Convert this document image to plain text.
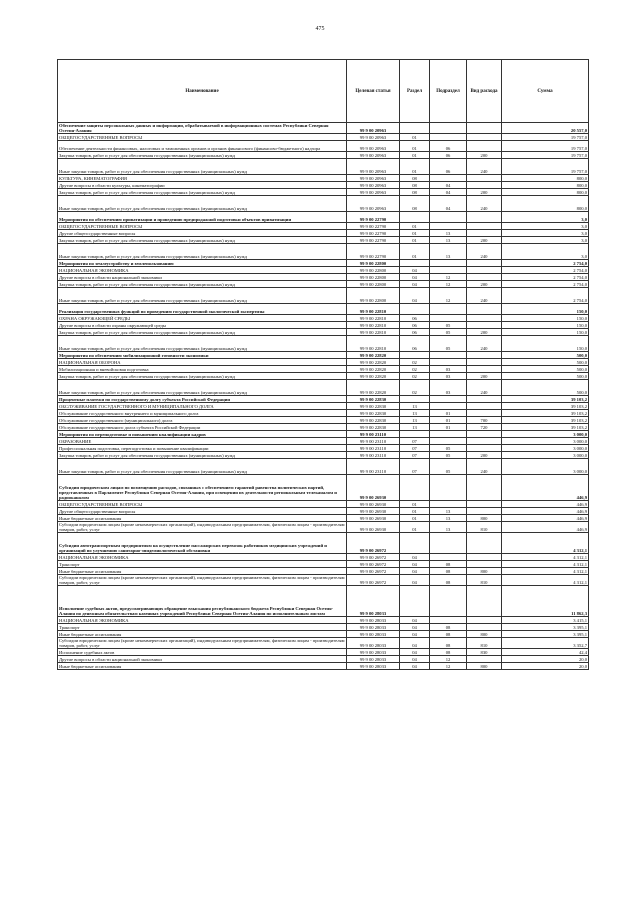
475
Наименование	Целевая статья	Раздел	Подраздел	Вид расхода	Сумма
Обеспечение защиты персональных данных и информации, обрабатываемой в информационных системах Республики Северная Осетия-Алания	99 9 00 20963				20 557,0
ОБЩЕГОСУДАРСТВЕННЫЕ ВОПРОСЫ	99 9 00 20963	01			19 757,0
Обеспечение деятельности финансовых, налоговых и таможенных органов и органов финансового (финансово-бюджетного) надзора	99 9 00 20963	01	06		19 757,0
Закупка товаров, работ и услуг для обеспечения государственных (муниципальных) нужд	99 9 00 20963	01	06	200	19 757,0
Иные закупки товаров, работ и услуг для обеспечения государственных (муниципальных) нужд	99 9 00 20963	01	06	240	19 757,0
КУЛЬТУРА, КИНЕМАТОГРАФИЯ	99 9 00 20963	08			800,0
Другие вопросы в области культуры, кинематографии	99 9 00 20963	08	04		800,0
Закупка товаров, работ и услуг для обеспечения государственных (муниципальных) нужд	99 9 00 20963	08	04	200	800,0
Иные закупки товаров, работ и услуг для обеспечения государственных (муниципальных) нужд	99 9 00 20963	08	04	240	800,0
Мероприятия по обеспечению приватизации и проведению предпродажной подготовки объектов приватизации	99 9 00 22790				3,0
ОБЩЕГОСУДАРСТВЕННЫЕ ВОПРОСЫ	99 9 00 22790	01			3,0
Другие общегосударственные вопросы	99 9 00 22790	01	13		3,0
Закупка товаров, работ и услуг для обеспечения государственных (муниципальных) нужд	99 9 00 22790	01	13	200	3,0
Иные закупки товаров, работ и услуг для обеспечения государственных (муниципальных) нужд	99 9 00 22790	01	13	240	3,0
Мероприятия по землеустройству и землепользованию	99 9 00 22800				2 754,0
НАЦИОНАЛЬНАЯ ЭКОНОМИКА	99 9 00 22800	04			2 754,0
Другие вопросы в области национальной экономики	99 9 00 22800	04	12		2 754,0
Закупка товаров, работ и услуг для обеспечения государственных (муниципальных) нужд	99 9 00 22800	04	12	200	2 754,0
Иные закупки товаров, работ и услуг для обеспечения государственных (муниципальных) нужд	99 9 00 22800	04	12	240	2 754,0
Реализация государственных функций по проведению государственной экологической экспертизы	99 9 00 22810				150,0
ОХРАНА ОКРУЖАЮЩЕЙ СРЕДЫ	99 9 00 22810	06			150,0
Другие вопросы в области охраны окружающей среды	99 9 00 22810	06	05		150,0
Закупка товаров, работ и услуг для обеспечения государственных (муниципальных) нужд	99 9 00 22810	06	05	200	150,0
Иные закупки товаров, работ и услуг для обеспечения государственных (муниципальных) нужд	99 9 00 22810	06	05	240	150,0
Мероприятия по обеспечению мобилизационной готовности экономики	99 9 00 22820				500,0
НАЦИОНАЛЬНАЯ ОБОРОНА	99 9 00 22820	02			500,0
Мобилизационная и вневойсковая подготовка	99 9 00 22820	02	03		500,0
Закупка товаров, работ и услуг для обеспечения государственных (муниципальных) нужд	99 9 00 22820	02	03	200	500,0
Иные закупки товаров, работ и услуг для обеспечения государственных (муниципальных) нужд	99 9 00 22820	02	03	240	500,0
Процентные платежи по государственному долгу субъекта Российской Федерации	99 9 00 22830				39 103,2
ОБСЛУЖИВАНИЕ ГОСУДАРСТВЕННОГО И МУНИЦИПАЛЬНОГО ДОЛГА	99 9 00 22830	13			39 103,2
Обслуживание государственного внутреннего и муниципального долга	99 9 00 22830	13	01		39 103,2
Обслуживание государственного (муниципального) долга	99 9 00 22830	13	01	700	39 103,2
Обслуживание государственного долга субъекта Российской Федерации	99 9 00 22830	13	01	720	39 103,2
Мероприятия по переподготовке и повышению квалификации кадров	99 9 00 23110				3 000,0
ОБРАЗОВАНИЕ	99 9 00 23110	07			3 000,0
Профессиональная подготовка, переподготовка и повышение квалификации	99 9 00 23110	07	05		3 000,0
Закупка товаров, работ и услуг для обеспечения государственных (муниципальных) нужд	99 9 00 23110	07	05	200	3 000,0
Иные закупки товаров, работ и услуг для обеспечения государственных (муниципальных) нужд	99 9 00 23110	07	05	240	3 000,0
Субсидии юридическим лицам по возмещению расходов, связанных с обеспечением гарантий равенства политических партий, представленных в Парламенте Республики Северная Осетия-Алания, при освещении их деятельности региональным телеканалом и радиоканалом	99 9 00 26930				446,9
ОБЩЕГОСУДАРСТВЕННЫЕ ВОПРОСЫ	99 9 00 26930	01			446,9
Другие общегосударственные вопросы	99 9 00 26930	01	13		446,9
Иные бюджетные ассигнования	99 9 00 26930	01	13	800	446,9
Субсидии юридическим лицам (кроме некоммерческих организаций), индивидуальным предпринимателям, физическим лицам - производителям товаров, работ, услуг	99 9 00 26930	01	13	810	446,9
Субсидии автотранспортным предприятиям на осуществление пассажирских перевозок работников медицинских учреждений и организаций по улучшению санитарно-эпидемиологической обстановки	99 9 00 26972				4 312,1
НАЦИОНАЛЬНАЯ ЭКОНОМИКА	99 9 00 26972	04			4 312,1
Транспорт	99 9 00 26972	04	08		4 312,1
Иные бюджетные ассигнования	99 9 00 26972	04	08	800	4 312,1
Субсидии юридическим лицам (кроме некоммерческих организаций), индивидуальным предпринимателям, физическим лицам - производителям товаров, работ, услуг	99 9 00 26972	04	08	810	4 312,1
Исполнение судебных актов, предусматривающих обращение взыскания республиканского бюджета Республики Северная Осетия-Алания по денежным обязательствам казенных учреждений Республики Северная Осетия-Алания по исполнительным листам	99 9 00 28033				11 862,3
НАЦИОНАЛЬНАЯ ЭКОНОМИКА	99 9 00 28033	04			3 415,1
Транспорт	99 9 00 28033	04	08		3 395,1
Иные бюджетные ассигнования	99 9 00 28033	04	08	800	3 395,1
Субсидии юридическим лицам (кроме некоммерческих организаций), индивидуальным предпринимателям, физическим лицам - производителям товаров, работ, услуг	99 9 00 28033	04	08	810	3 352,7
Исполнение судебных актов	99 9 00 28033	04	08	830	42,4
Другие вопросы в области национальной экономики	99 9 00 28033	04	12		20,0
Иные бюджетные ассигнования	99 9 00 28033	04	12	800	20,0
